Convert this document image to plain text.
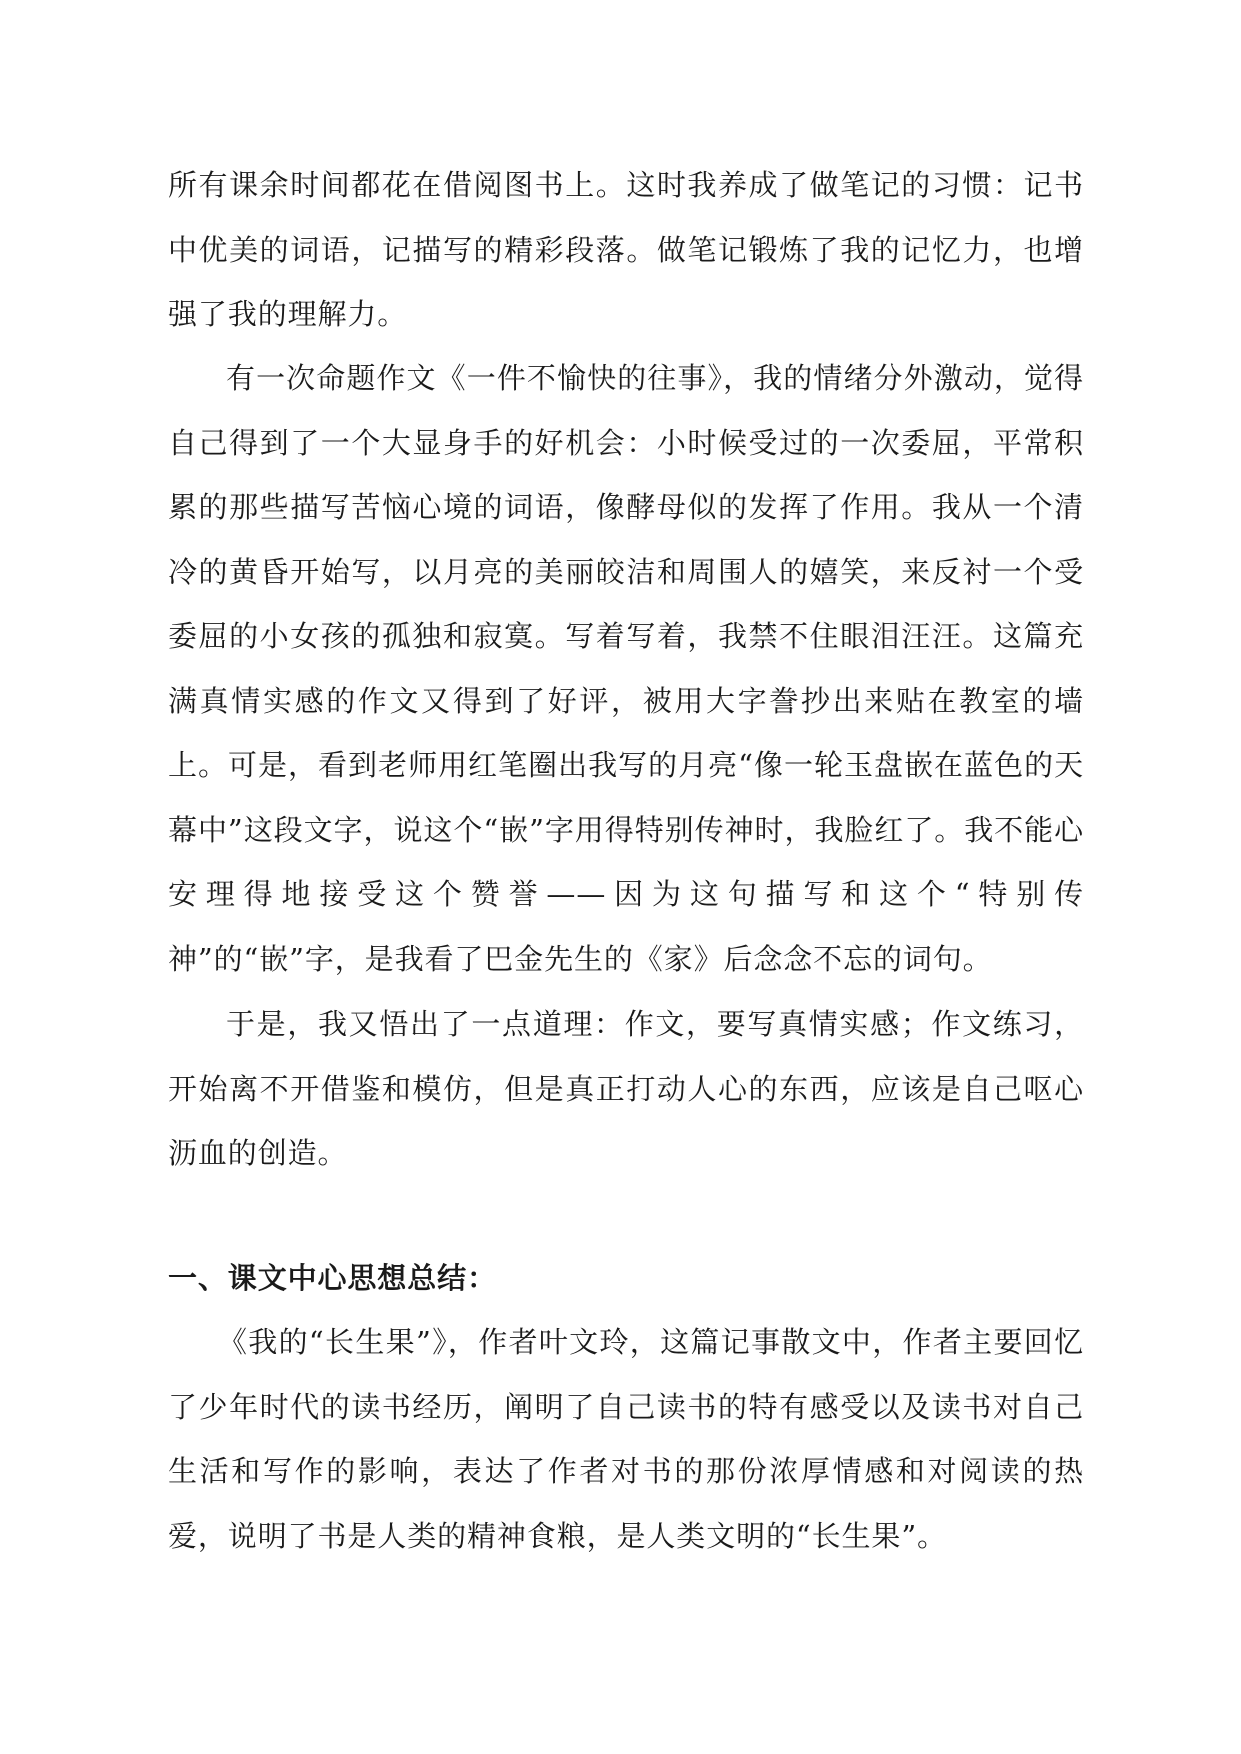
所有课余时间都花在借阅图书上。这时我养成了做笔记的习惯：记书中优美的词语，记描写的精彩段落。做笔记锻炼了我的记忆力，也增强了我的理解力。

有一次命题作文《一件不愉快的往事》，我的情绪分外激动，觉得自己得到了一个大显身手的好机会：小时候受过的一次委屈，平常积累的那些描写苦恼心境的词语，像酵母似的发挥了作用。我从一个清冷的黄昏开始写，以月亮的美丽皎洁和周围人的嬉笑，来反衬一个受委屈的小女孩的孤独和寂寞。写着写着，我禁不住眼泪汪汪。这篇充满真情实感的作文又得到了好评，被用大字誊抄出来贴在教室的墙上。可是，看到老师用红笔圈出我写的月亮“像一轮玉盘嵌在蓝色的天幕中”这段文字，说这个“嵌”字用得特别传神时，我脸红了。我不能心安理得地接受这个赞誉——因为这句描写和这个“特别传神”的“嵌”字，是我看了巴金先生的《家》后念念不忘的词句。

于是，我又悟出了一点道理：作文，要写真情实感；作文练习，开始离不开借鉴和模仿，但是真正打动人心的东西，应该是自己呕心沥血的创造。

一、课文中心思想总结：

《我的“长生果”》，作者叶文玲，这篇记事散文中，作者主要回忆了少年时代的读书经历，阐明了自己读书的特有感受以及读书对自己生活和写作的影响，表达了作者对书的那份浓厚情感和对阅读的热爱，说明了书是人类的精神食粮，是人类文明的“长生果”。
